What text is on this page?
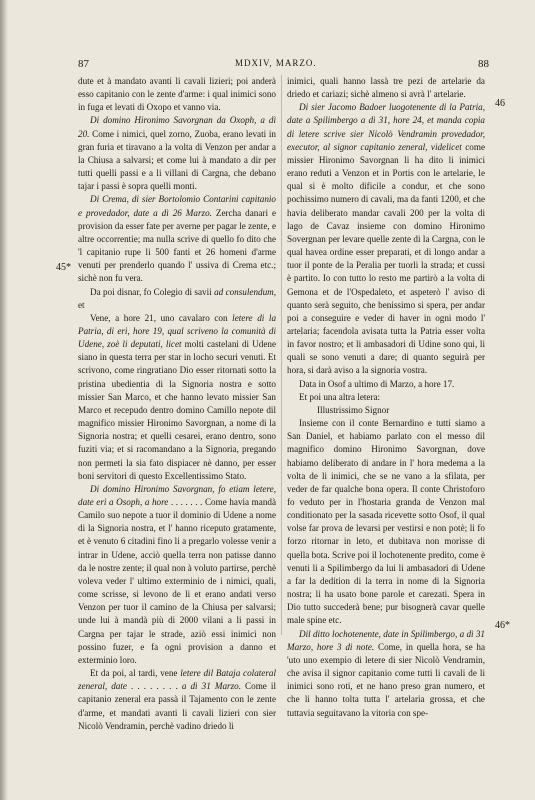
87	MDXIV, MARZO.	88
45*
46
46*

dute et à mandato avanti li cavali lizieri; poi anderà esso capitanio con le zente d'arme: i qual inimici sono in fuga et levati di Oxopo et vanno via.

Di domino Hironimo Savorgnan da Oxoph, a dì 20. Come i nimici, quel zorno, Zuoba, erano levati in gran furia et tiravano a la volta di Venzon per andar a la Chiusa a salvarsi; et come lui à mandato a dir per tutti quelli passi e a li villani di Cargna, che debano tajar i passi è sopra quelli monti.

Di Crema, di sier Bortolomio Contarini capitanio e provedador, date a dì 26 Marzo. Zercha danari e provision da esser fate per averne per pagar le zente, e altre occorrentie; ma nulla scrive di quello fo dito che 'l capitanio rupe li 500 fanti et 26 homeni d'arme venuti per prenderlo quando l' ussiva di Crema etc.; sichè non fu vera.

Da poi disnar, fo Colegio di savii ad consulendum, et

Vene, a hore 21, uno cavalaro con letere di la Patria, di eri, hore 19, qual scriveno la comunità di Udene, zoè li deputati, licet molti castelani di Udene siano in questa terra per star in locho securi venuti. Et scrivono, come ringratiano Dio esser ritornati sotto la pristina ubedientia di la Signoria nostra e sotto missier San Marco, et che hanno levato missier San Marco et recepudo dentro domino Camillo nepote dil magnifico missier Hironimo Savorgnan, a nome di la Signoria nostra; et quelli cesarei, erano dentro, sono fuziti via; et si racomandano a la Signoria, pregando non permeti la sia fato dispiacer nè danno, per esser boni servitori di questo Excellentissimo Stato.

Di domino Hironimo Savorgnan, fo etiam letere, date eri a Osoph, a hore . . . . . . . Come havia mandà Camilo suo nepote a tuor il dominio di Udene a nome di la Signoria nostra, et l' hanno riceputo gratamente, et è venuto 6 citadini fino li a pregarlo volesse venir a intrar in Udene, acciò quella terra non patisse danno da le nostre zente; il qual non à voluto partirse, perchè voleva veder l' ultimo exterminio de i nimici, quali, come scrisse, si levono de li et erano andati verso Venzon per tuor il camino de la Chiusa per salvarsi; unde lui à mandà più di 2000 vilani a li passi in Cargna per tajar le strade, aziò essi inimici non possino fuzer, e fa ogni provision a danno et exterminio loro.

Et da poi, al tardi, vene letere dil Bataja colateral zeneral, date . . . . . . . . a dì 31 Marzo. Come il capitanio zeneral era passà il Tajamento con le zente d'arme, et mandati avanti li cavali lizieri con sier Nicolò Vendramin, perchè vadino driedo li

inimici, quali hanno lassà tre pezi de artelarie da driedo et cariazi; sichè almeno si avrà l' artelarie.

Di sier Jacomo Badoer luogotenente di la Patria, date a Spilimbergo a dì 31, hore 24, et manda copia di letere scrive sier Nicolò Vendramin provedador, executor, al signor capitanio zeneral, videlicet come missier Hironimo Savorgnan li ha dito li inimici erano reduti a Venzon et in Portis con le artelarie, le qual si è molto dificile a condur, et che sono pochissimo numero di cavali, ma da fanti 1200, et che havia deliberato mandar cavali 200 per la volta di lago de Cavaz insieme con domino Hironimo Sovergnan per levare quelle zente di la Cargna, con le qual havea ordine esser preparati, et di longo andar a tuor il ponte de la Peralia per tuorli la strada; et cussì è partito. Io con tutto lo resto me partirò a la volta di Gemona et de l'Ospedaleto, et aspeterò l' aviso di quanto serà seguito, che benissimo si spera, per andar poi a conseguire e veder di haver in ogni modo l' artelaria; facendola avisata tutta la Patria esser volta in favor nostro; et li ambasadori di Udine sono qui, li quali se sono venuti a dare; di quanto seguirà per hora, si darà aviso a la signoria vostra.

Data in Osof a ultimo di Marzo, a hore 17.

Et poi una altra letera:

Illustrissimo Signor

Insieme con il conte Bernardino e tutti siamo a San Daniel, et habiamo parlato con el messo dil magnifico domino Hironimo Savorgnan, dove habiamo deliberato di andare in l' hora medema a la volta de li inimici, che se ne vano a la sfilata, per veder de far qualche bona opera. Il conte Christoforo fo veduto per in l'hostaria granda de Venzon mal conditionato per la sasada ricevette sotto Osof, il qual volse far prova de levarsi per vestirsi e non potè; li fo forzo ritornar in leto, et dubitava non morisse di quella bota. Scrive poi il lochotenente predito, come è venuti li a Spilimbergo da lui li ambasadori di Udene a far la dedition di la terra in nome di la Signoria nostra; li ha usato bone parole et carezati. Spera in Dio tutto succederà bene; pur bisognerà cavar quelle male spine etc.

Dil ditto lochotenente, date in Spilimbergo, a dì 31 Marzo, hore 3 di note. Come, in quella hora, se ha 'uto uno exempio di letere di sier Nicolò Vendramin, che avisa il signor capitanio come tutti li cavali de li inimici sono roti, et ne hano preso gran numero, et che li hanno tolta tutta l' artelaria grossa, et che tuttavia seguitavano la vitoria con spe-
